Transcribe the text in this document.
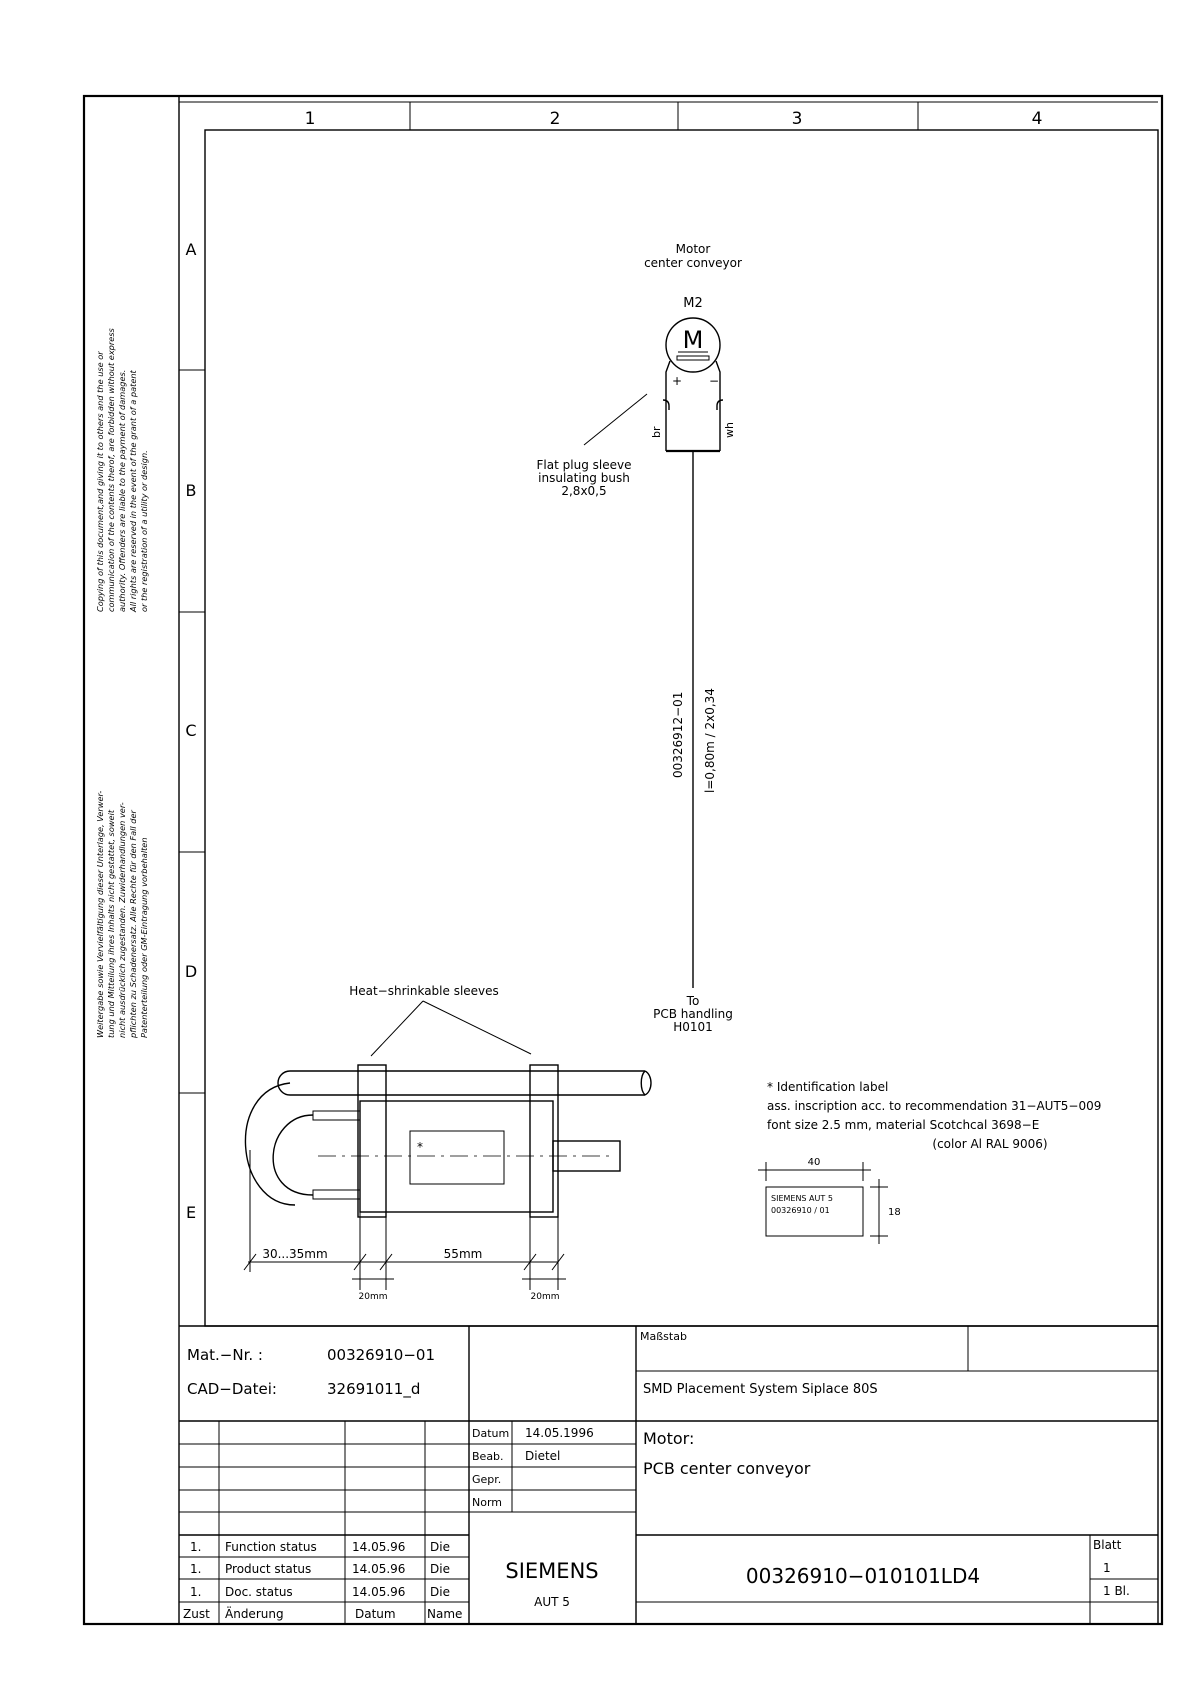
1	2	3	4
A
B
C
D
E
Copying of this document,and giving it to others and the use or communication of the contents therof, are forbidden without express authority. Offenders are liable to the payment of damages. All rights are reserved in the event of the grant of a patent or the registration of a utility or design.
Weitergabe sowie Vervielfältigung dieser Unterlage, Verwer- tung und Mitteilung ihres Inhalts nicht gestattet, soweit nicht ausdrücklich zugestanden. Zuwiderhandlungen ver- pflichten zu Schadenersatz. Alle Rechte für den Fall der Patenterteilung oder GM-Eintragung vorbehalten
Motor
center conveyor
M2
M
+ −
br	wh
Flat plug sleeve
insulating bush
2,8x0,5
00326912−01 l=0,80m / 2x0,34
To
PCB handling
H0101
Heat−shrinkable sleeves
*
30...35mm	55mm
20mm	20mm
* Identification label
ass. inscription acc. to recommendation 31−AUT5−009
font size 2.5 mm, material Scotchcal 3698−E
(color Al RAL 9006)
40
SIEMENS AUT 5
00326910 / 01	18
Mat.−Nr. :	00326910−01
CAD−Datei:	32691011_d
Maßstab
SMD Placement System Siplace 80S
Datum 14.05.1996
Beab. Dietel
Gepr.
Norm
Motor:
PCB center conveyor
SIEMENS
AUT 5
00326910−010101LD4
Blatt
1
1 Bl.
1. Function status	14.05.96 Die
1. Product status	14.05.96 Die
1. Doc. status	14.05.96 Die
Zust Änderung	Datum	Name
